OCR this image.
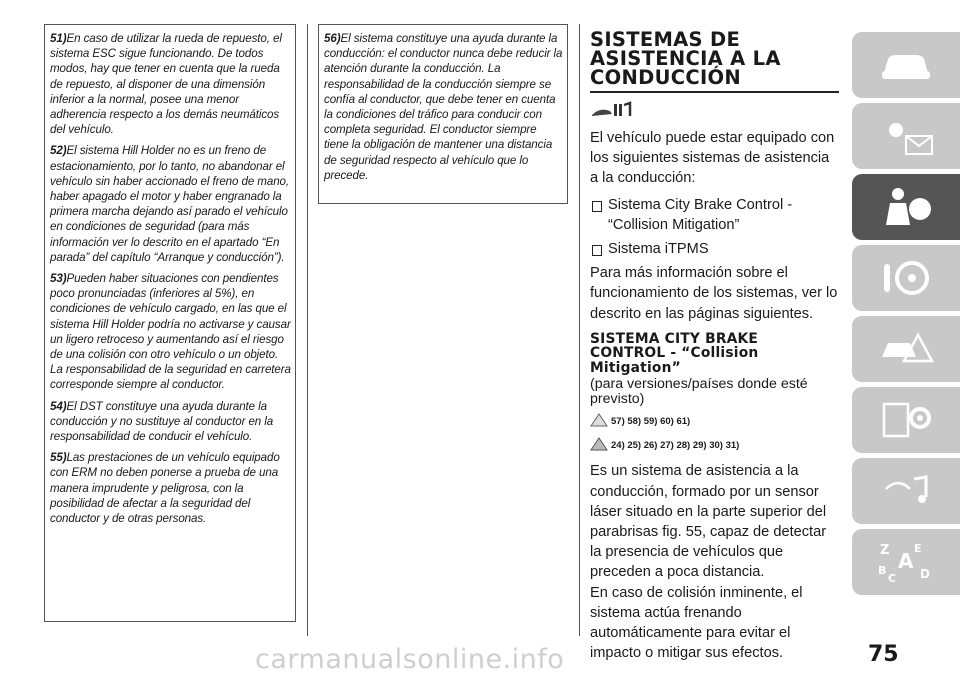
51)En caso de utilizar la rueda de repuesto, el sistema ESC sigue funcionando. De todos modos, hay que tener en cuenta que la rueda de repuesto, al disponer de una dimensión inferior a la normal, posee una menor adherencia respecto a los demás neumáticos del vehículo.
52)El sistema Hill Holder no es un freno de estacionamiento, por lo tanto, no abandonar el vehículo sin haber accionado el freno de mano, haber apagado el motor y haber engranado la primera marcha dejando así parado el vehículo en condiciones de seguridad (para más información ver lo descrito en el apartado “En parada” del capítulo “Arranque y conducción”).
53)Pueden haber situaciones con pendientes poco pronunciadas (inferiores al 5%), en condiciones de vehículo cargado, en las que el sistema Hill Holder podría no activarse y causar un ligero retroceso y aumentando así el riesgo de una colisión con otro vehículo o un objeto. La responsabilidad de la seguridad en carretera corresponde siempre al conductor.
54)El DST constituye una ayuda durante la conducción y no sustituye al conductor en la responsabilidad de conducir el vehículo.
55)Las prestaciones de un vehículo equipado con ERM no deben ponerse a prueba de una manera imprudente y peligrosa, con la posibilidad de afectar a la seguridad del conductor y de otras personas.
56)El sistema constituye una ayuda durante la conducción: el conductor nunca debe reducir la atención durante la conducción. La responsabilidad de la conducción siempre se confía al conductor, que debe tener en cuenta la condiciones del tráfico para conducir con completa seguridad. El conductor siempre tiene la obligación de mantener una distancia de seguridad respecto al vehículo que lo precede.
SISTEMAS DE
ASISTENCIA A LA
CONDUCCIÓN
El vehículo puede estar equipado con los siguientes sistemas de asistencia a la conducción:
Sistema City Brake Control - “Collision Mitigation”
Sistema iTPMS
Para más información sobre el funcionamiento de los sistemas, ver lo descrito en las páginas siguientes.
SISTEMA CITY BRAKE
CONTROL - “Collision
Mitigation”
(para versiones/países donde esté previsto)
57) 58) 59) 60) 61)
24) 25) 26) 27) 28) 29) 30) 31)
Es un sistema de asistencia a la conducción, formado por un sensor láser situado en la parte superior del parabrisas fig. 55, capaz de detectar la presencia de vehículos que preceden a poca distancia.
En caso de colisión inminente, el sistema actúa frenando automáticamente para evitar el impacto o mitigar sus efectos.
Z E
A
B
C D
carmanualsonline.info	75
